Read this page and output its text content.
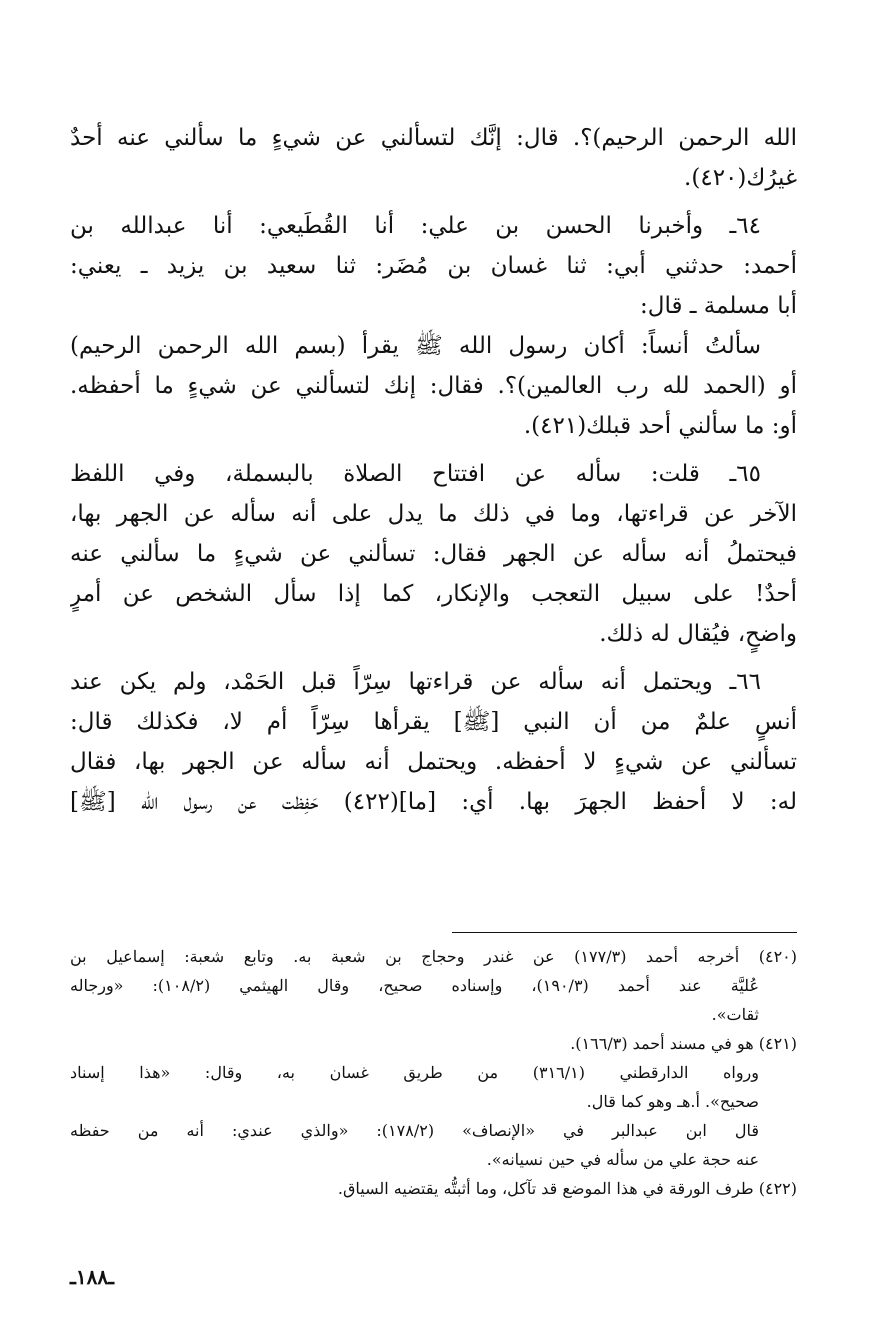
الله الرحمن الرحيم)؟. قال: إنَّك لتسألني عن شيءٍ ما سألني عنه أحدٌ
غيرُك(٤٢٠).
٦٤ـ وأخبرنا الحسن بن علي: أنا القُطَيعي: أنا عبدالله بن
أحمد: حدثني أبي: ثنا غسان بن مُضَر: ثنا سعيد بن يزيد ـ يعني:
أبا مسلمة ـ قال:
سألتُ أنساً: أكان رسول الله ﷺ يقرأ (بسم الله الرحمن الرحيم)
أو (الحمد لله رب العالمين)؟. فقال: إنك لتسألني عن شيءٍ ما أحفظه.
أو: ما سألني أحد قبلك(٤٢١).
٦٥ـ قلت: سأله عن افتتاح الصلاة بالبسملة، وفي اللفظ
الآخر عن قراءتها، وما في ذلك ما يدل على أنه سأله عن الجهر بها،
فيحتملُ أنه سأله عن الجهر فقال: تسألني عن شيءٍ ما سألني عنه
أحدٌ! على سبيل التعجب والإنكار، كما إذا سأل الشخص عن أمرٍ
واضحٍ، فيُقال له ذلك.
٦٦ـ ويحتمل أنه سأله عن قراءتها سِرّاً قبل الحَمْد، ولم يكن عند
أنسٍ علمٌ من أن النبي [ﷺ] يقرأها سِرّاً أم لا، فكذلك قال:
تسألني عن شيءٍ لا أحفظه. ويحتمل أنه سأله عن الجهر بها، فقال
له: لا أحفظ الجهرَ بها. أي: [ما](٤٢٢) حَفِظت عن رسول الله [ﷺ]
(٤٢٠) أخرجه أحمد (١٧٧/٣) عن غندر وحجاج بن شعبة به. وتابع شعبة: إسماعيل بن
عُليَّة عند أحمد (١٩٠/٣)، وإسناده صحيح، وقال الهيثمي (١٠٨/٢): «ورجاله
ثقات».
(٤٢١) هو في مسند أحمد (١٦٦/٣).
ورواه الدارقطني (٣١٦/١) من طريق غسان به، وقال: «هذا إسناد
صحيح». أ.هـ وهو كما قال.
قال ابن عبدالبر في «الإنصاف» (١٧٨/٢): «والذي عندي: أنه من حفظه
عنه حجة علي من سأله في حين نسيانه».
(٤٢٢) طرف الورقة في هذا الموضع قد تآكل، وما أثبتُّه يقتضيه السياق.
ـ١٨٨ـ
